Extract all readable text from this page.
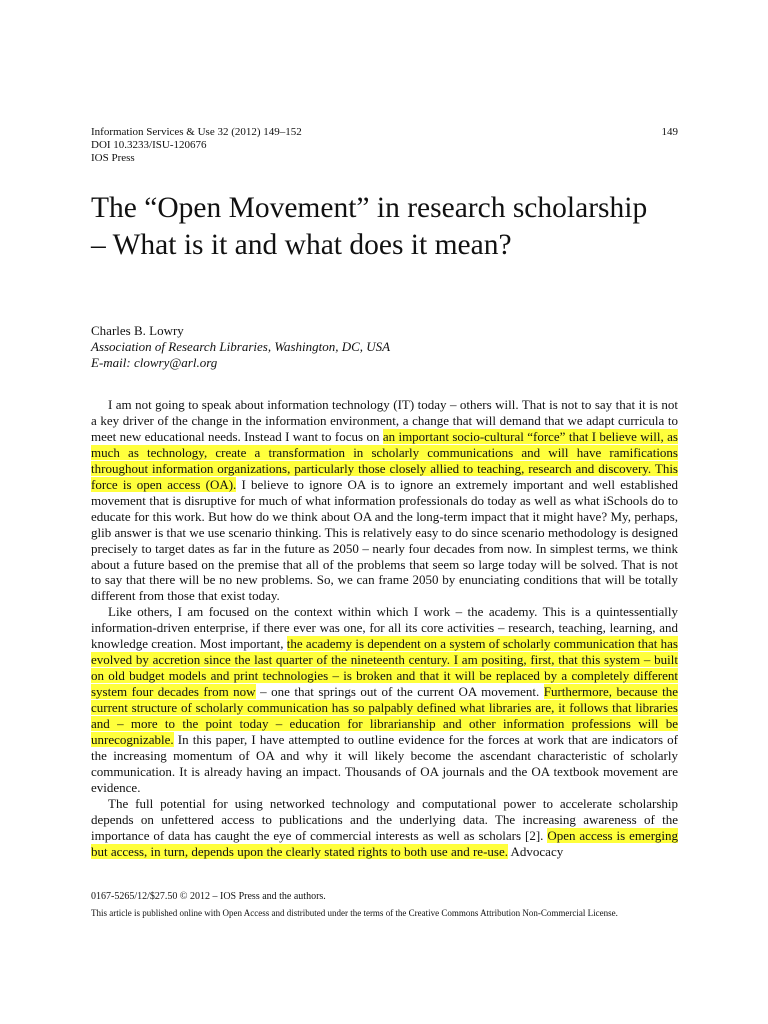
Information Services & Use 32 (2012) 149–152
DOI 10.3233/ISU-120676
IOS Press
149
The “Open Movement” in research scholarship – What is it and what does it mean?
Charles B. Lowry
Association of Research Libraries, Washington, DC, USA
E-mail: clowry@arl.org

I am not going to speak about information technology (IT) today – others will. That is not to say that it is not a key driver of the change in the information environment, a change that will demand that we adapt curricula to meet new educational needs. Instead I want to focus on an important socio-cultural “force” that I believe will, as much as technology, create a transformation in scholarly communications and will have ramifications throughout information organizations, particularly those closely allied to teaching, research and discovery. This force is open access (OA). I believe to ignore OA is to ignore an extremely important and well established movement that is disruptive for much of what information professionals do today as well as what iSchools do to educate for this work. But how do we think about OA and the long-term impact that it might have? My, perhaps, glib answer is that we use scenario thinking. This is relatively easy to do since scenario methodology is designed precisely to target dates as far in the future as 2050 – nearly four decades from now. In simplest terms, we think about a future based on the premise that all of the problems that seem so large today will be solved. That is not to say that there will be no new problems. So, we can frame 2050 by enunciating conditions that will be totally different from those that exist today.

Like others, I am focused on the context within which I work – the academy. This is a quintessentially information-driven enterprise, if there ever was one, for all its core activities – research, teaching, learning, and knowledge creation. Most important, the academy is dependent on a system of scholarly communication that has evolved by accretion since the last quarter of the nineteenth century. I am positing, first, that this system – built on old budget models and print technologies – is broken and that it will be replaced by a completely different system four decades from now – one that springs out of the current OA movement. Furthermore, because the current structure of scholarly communication has so palpably defined what libraries are, it follows that libraries and – more to the point today – education for librarianship and other information professions will be unrecognizable. In this paper, I have attempted to outline evidence for the forces at work that are indicators of the increasing momentum of OA and why it will likely become the ascendant characteristic of scholarly communication. It is already having an impact. Thousands of OA journals and the OA textbook movement are evidence.

The full potential for using networked technology and computational power to accelerate scholarship depends on unfettered access to publications and the underlying data. The increasing awareness of the importance of data has caught the eye of commercial interests as well as scholars [2]. Open access is emerging but access, in turn, depends upon the clearly stated rights to both use and re-use. Advocacy

0167-5265/12/$27.50 © 2012 – IOS Press and the authors.
This article is published online with Open Access and distributed under the terms of the Creative Commons Attribution Non-Commercial License.
